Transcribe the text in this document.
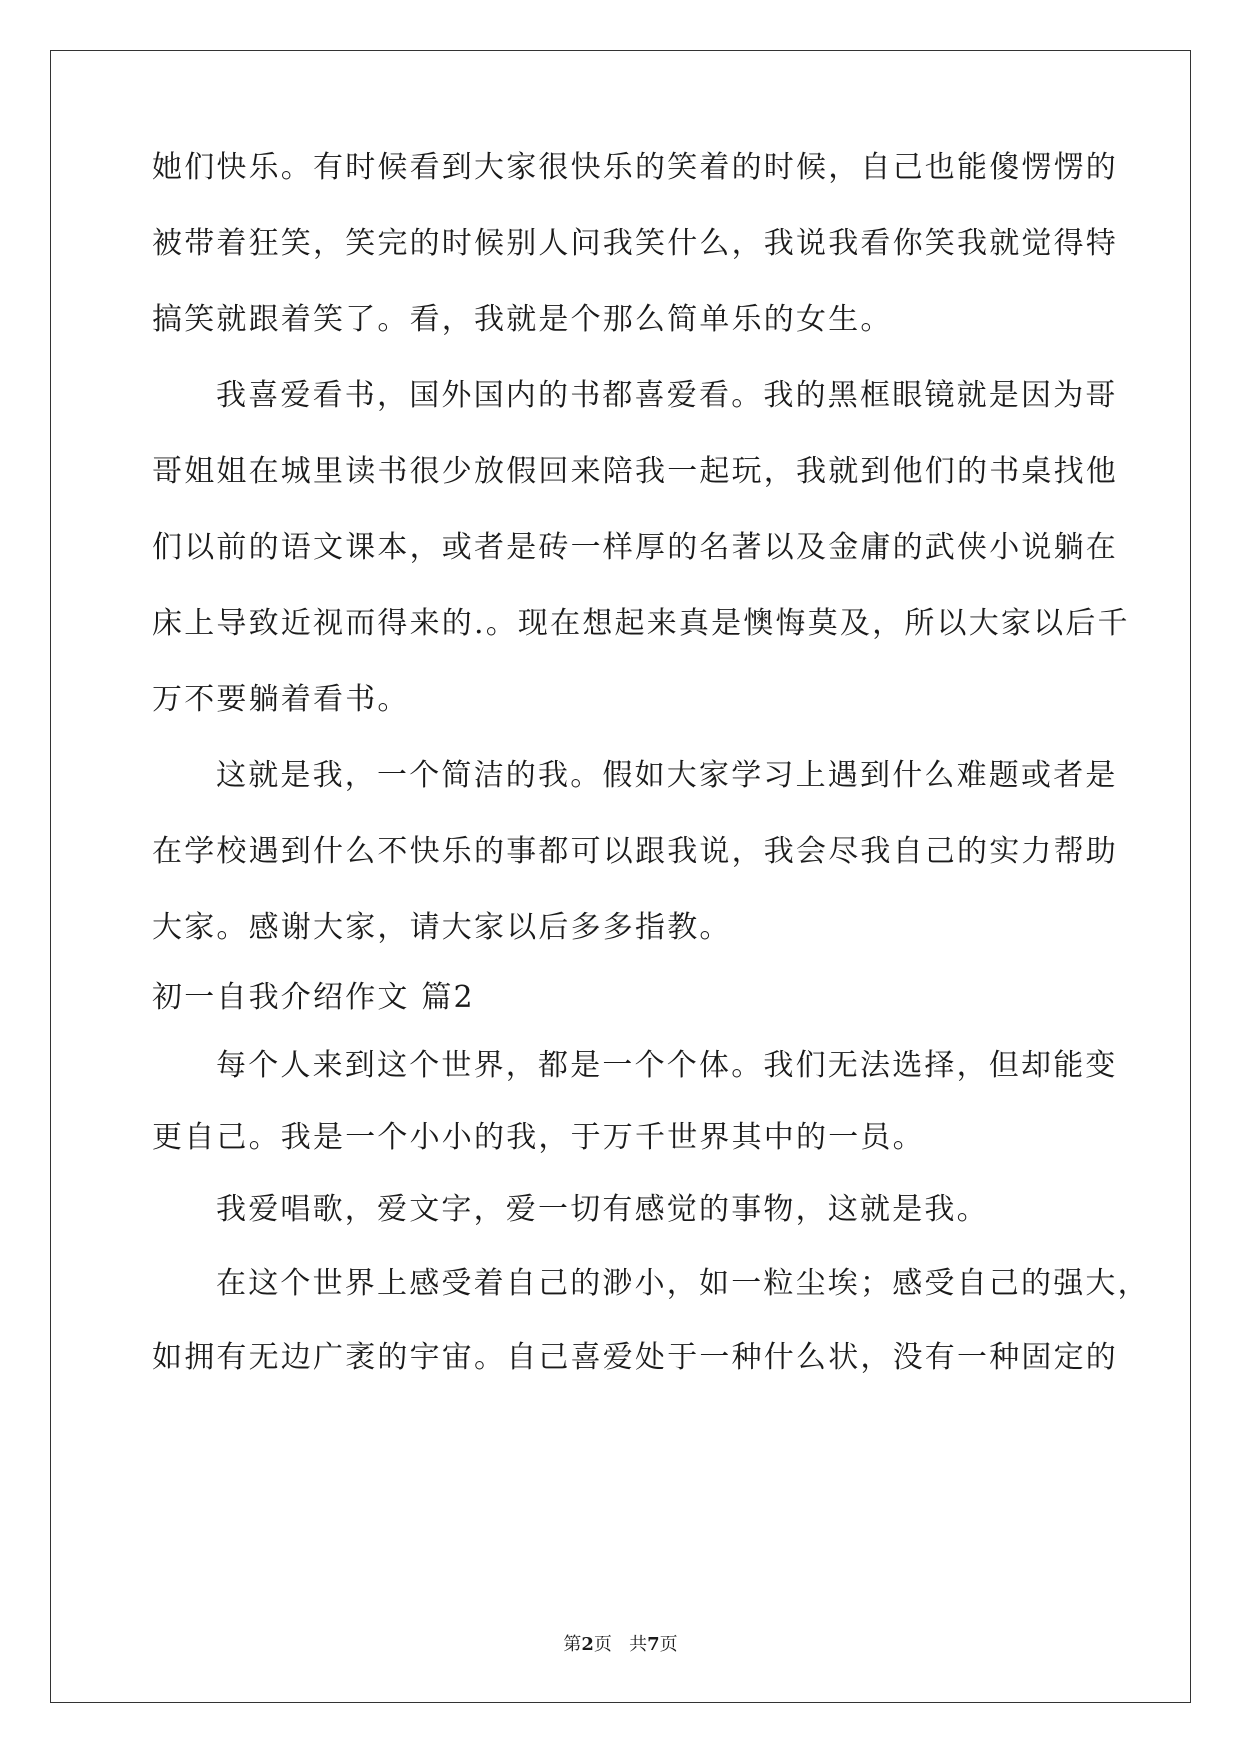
她们快乐。有时候看到大家很快乐的笑着的时候，自己也能傻愣愣的
被带着狂笑，笑完的时候别人问我笑什么，我说我看你笑我就觉得特
搞笑就跟着笑了。看，我就是个那么简单乐的女生。
我喜爱看书，国外国内的书都喜爱看。我的黑框眼镜就是因为哥
哥姐姐在城里读书很少放假回来陪我一起玩，我就到他们的书桌找他
们以前的语文课本，或者是砖一样厚的名著以及金庸的武侠小说躺在
床上导致近视而得来的.。现在想起来真是懊悔莫及，所以大家以后千
万不要躺着看书。
这就是我，一个简洁的我。假如大家学习上遇到什么难题或者是
在学校遇到什么不快乐的事都可以跟我说，我会尽我自己的实力帮助
大家。感谢大家，请大家以后多多指教。
初一自我介绍作文 篇2
每个人来到这个世界，都是一个个体。我们无法选择，但却能变
更自己。我是一个小小的我，于万千世界其中的一员。
我爱唱歌，爱文字，爱一切有感觉的事物，这就是我。
在这个世界上感受着自己的渺小，如一粒尘埃；感受自己的强大，
如拥有无边广袤的宇宙。自己喜爱处于一种什么状，没有一种固定的
第2页   共7页
